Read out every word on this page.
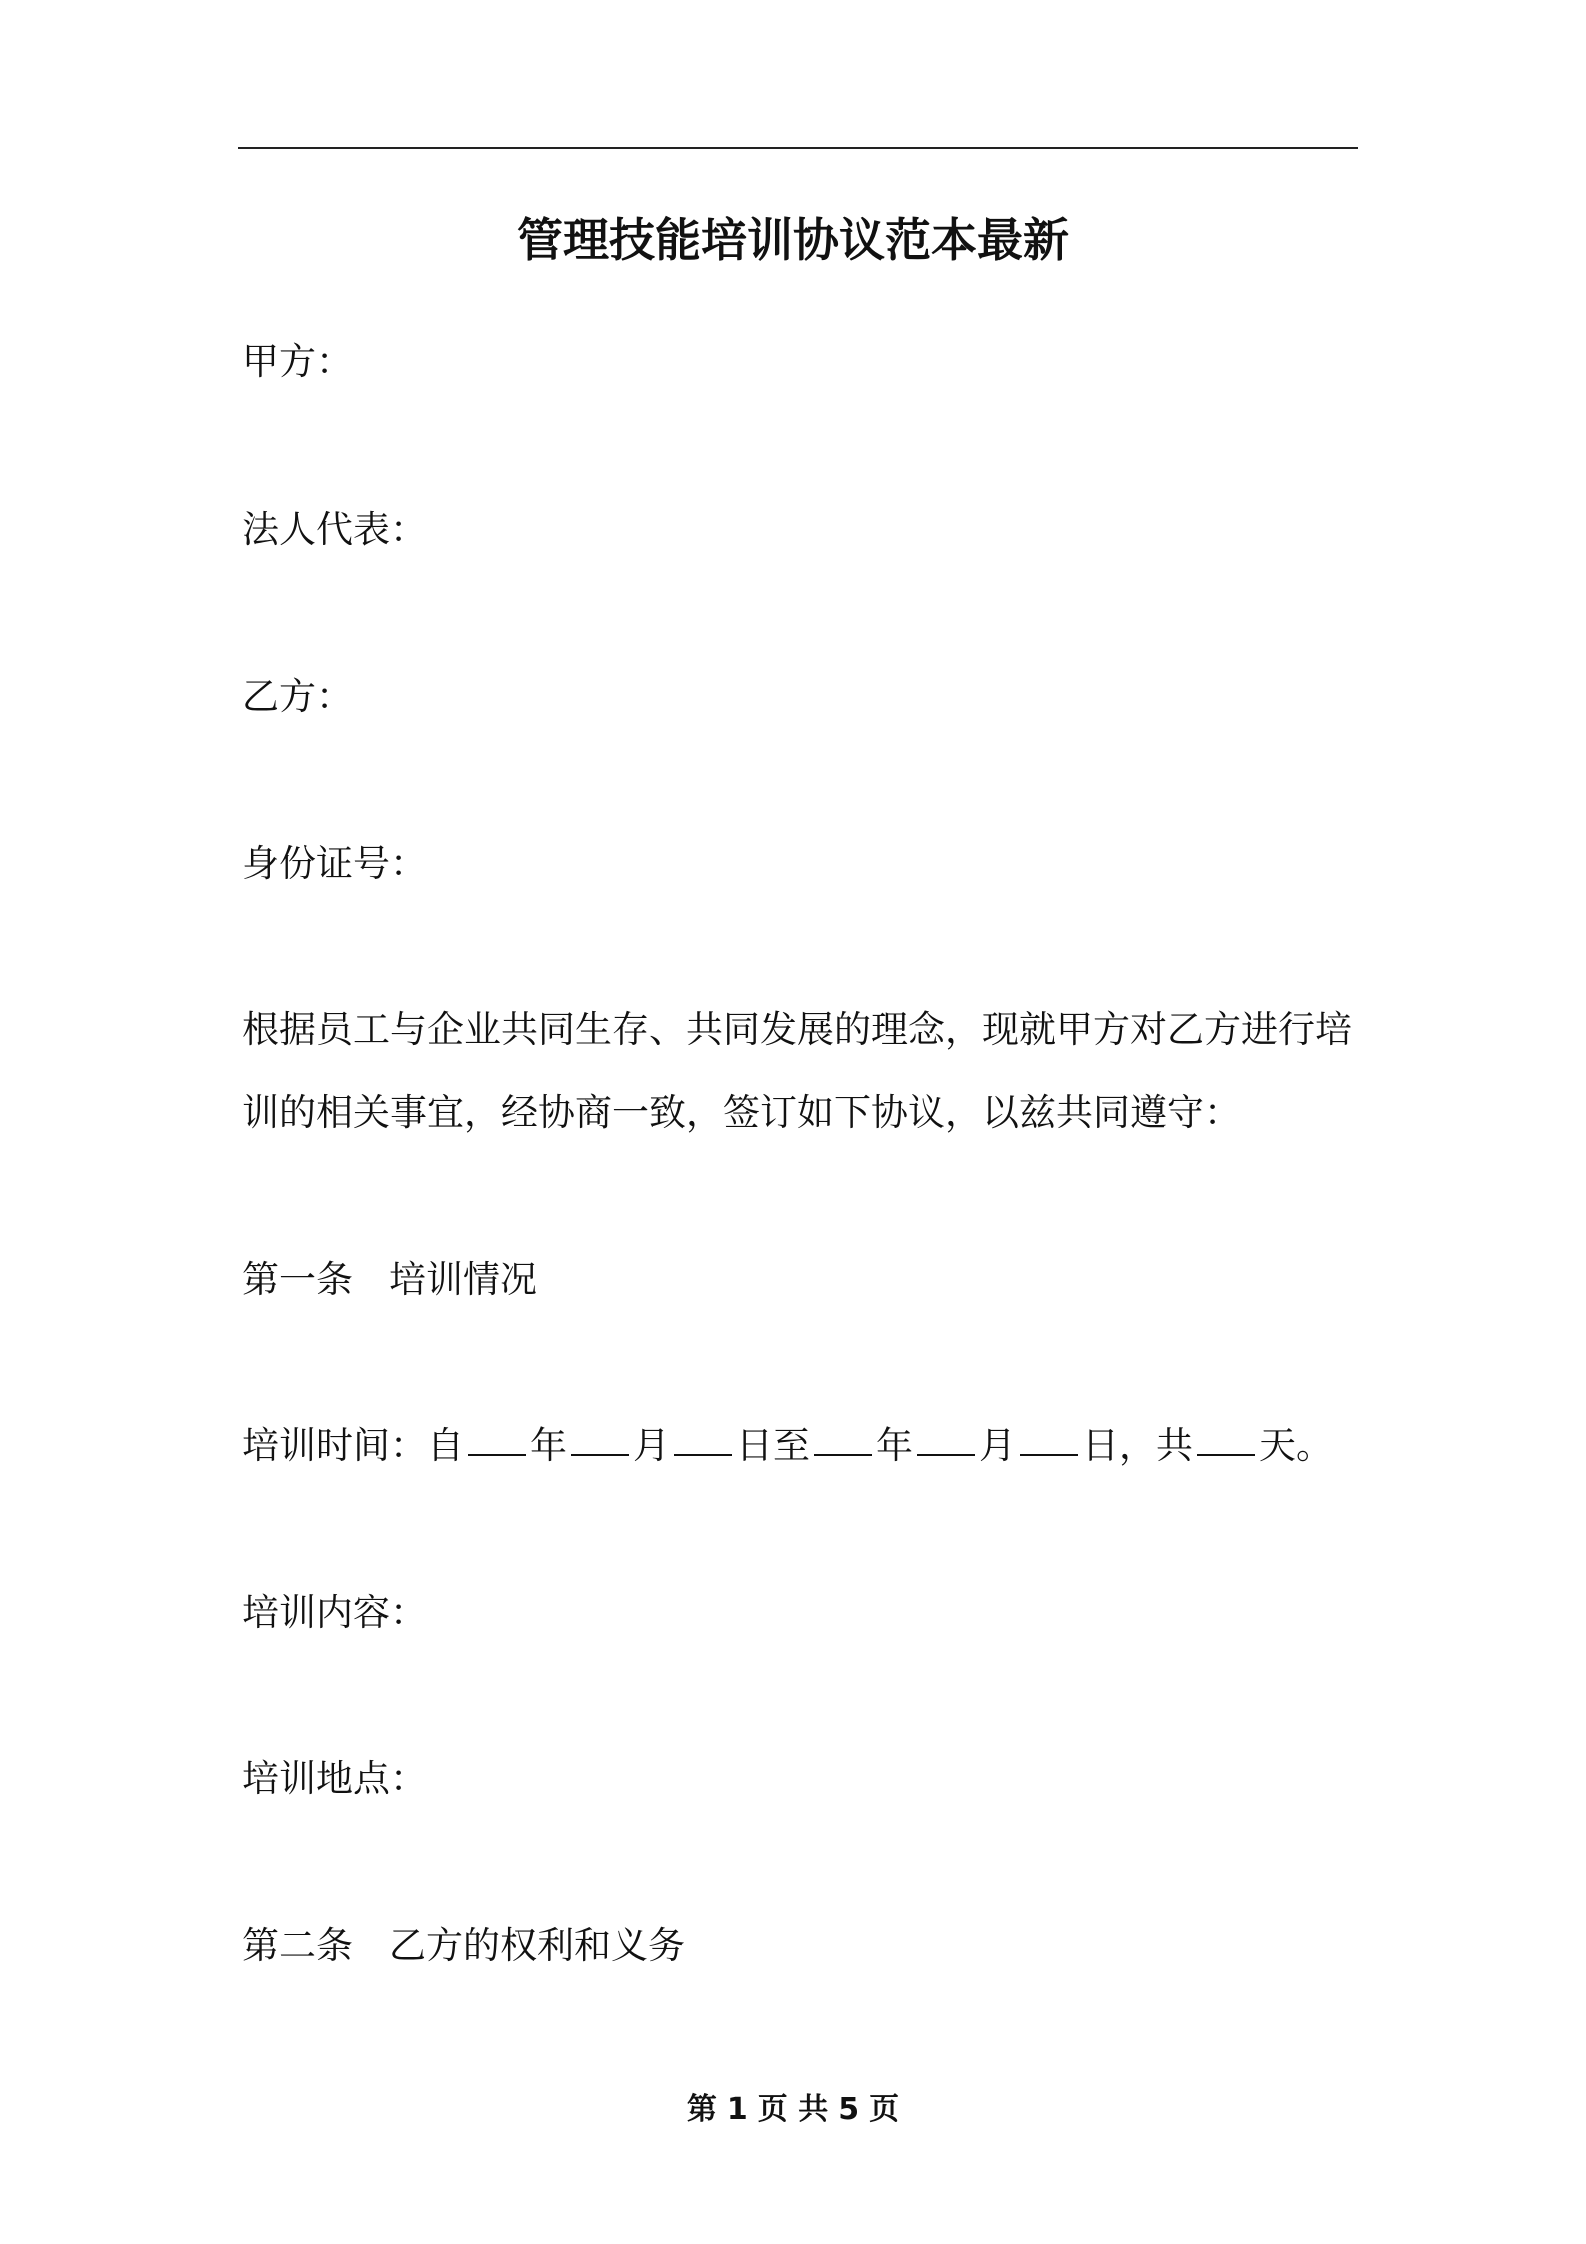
管理技能培训协议范本最新
甲方：
法人代表：
乙方：
身份证号：
根据员工与企业共同生存、共同发展的理念，现就甲方对乙方进行培
训的相关事宜，经协商一致，签订如下协议，以兹共同遵守：
第一条 培训情况
培训时间：自 年 月 日至 年 月 日，共 天。
培训内容：
培训地点：
第二条 乙方的权利和义务
第 1 页 共 5 页
